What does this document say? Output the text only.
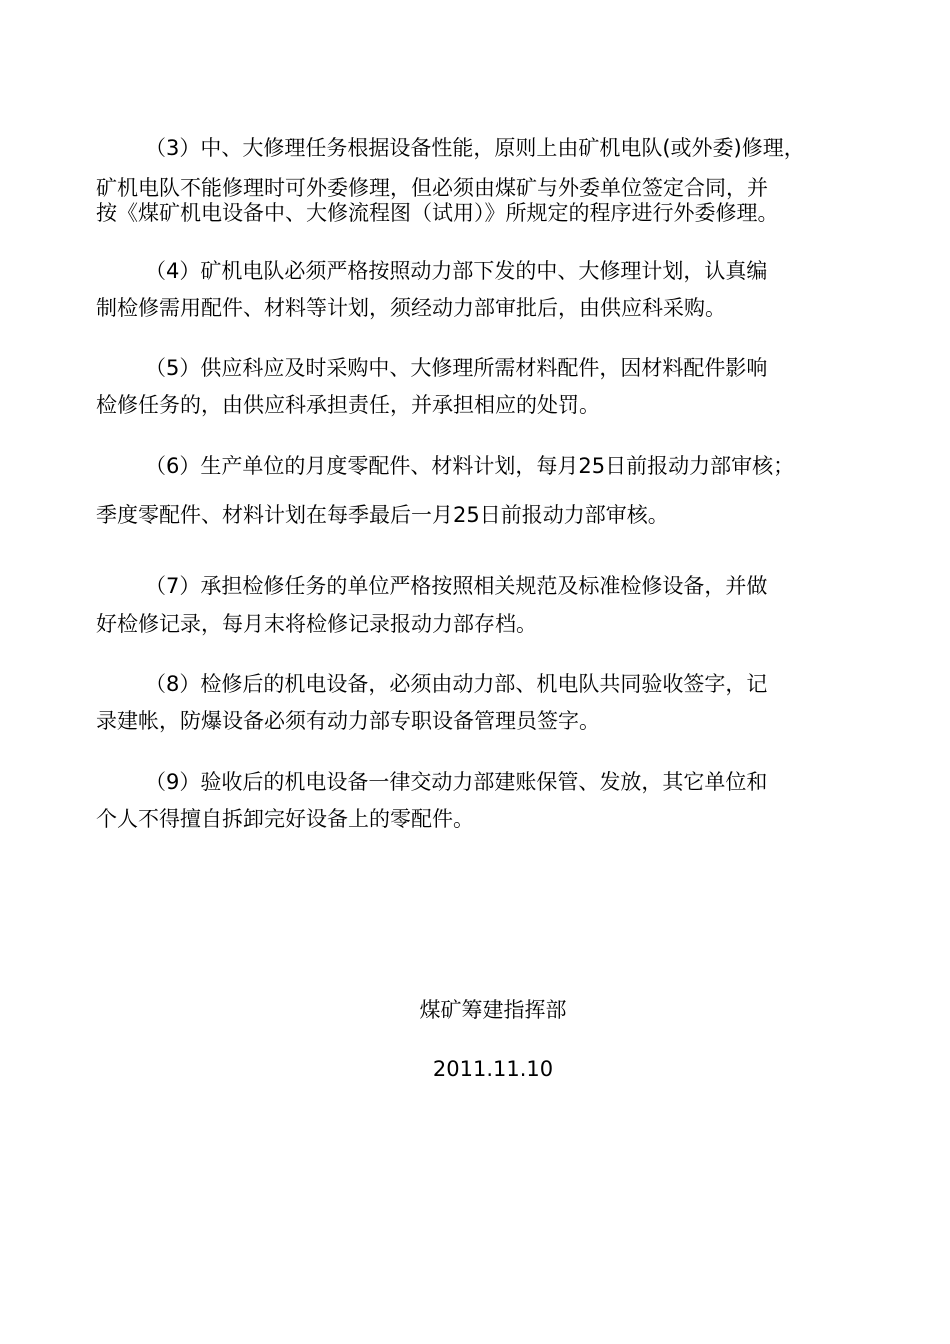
（3）中、大修理任务根据设备性能，原则上由矿机电队(或外委)修理，
矿机电队不能修理时可外委修理，但必须由煤矿与外委单位签定合同，并
按《煤矿机电设备中、大修流程图（试用）》所规定的程序进行外委修理。
（4）矿机电队必须严格按照动力部下发的中、大修理计划，认真编
制检修需用配件、材料等计划，须经动力部审批后，由供应科采购。
（5）供应科应及时采购中、大修理所需材料配件，因材料配件影响
检修任务的，由供应科承担责任，并承担相应的处罚。
（6）生产单位的月度零配件、材料计划，每月25日前报动力部审核；
季度零配件、材料计划在每季最后一月25日前报动力部审核。
（7）承担检修任务的单位严格按照相关规范及标准检修设备，并做
好检修记录，每月末将检修记录报动力部存档。
（8）检修后的机电设备，必须由动力部、机电队共同验收签字，记
录建帐，防爆设备必须有动力部专职设备管理员签字。
（9）验收后的机电设备一律交动力部建账保管、发放，其它单位和
个人不得擅自拆卸完好设备上的零配件。
煤矿筹建指挥部
2011.11.10
